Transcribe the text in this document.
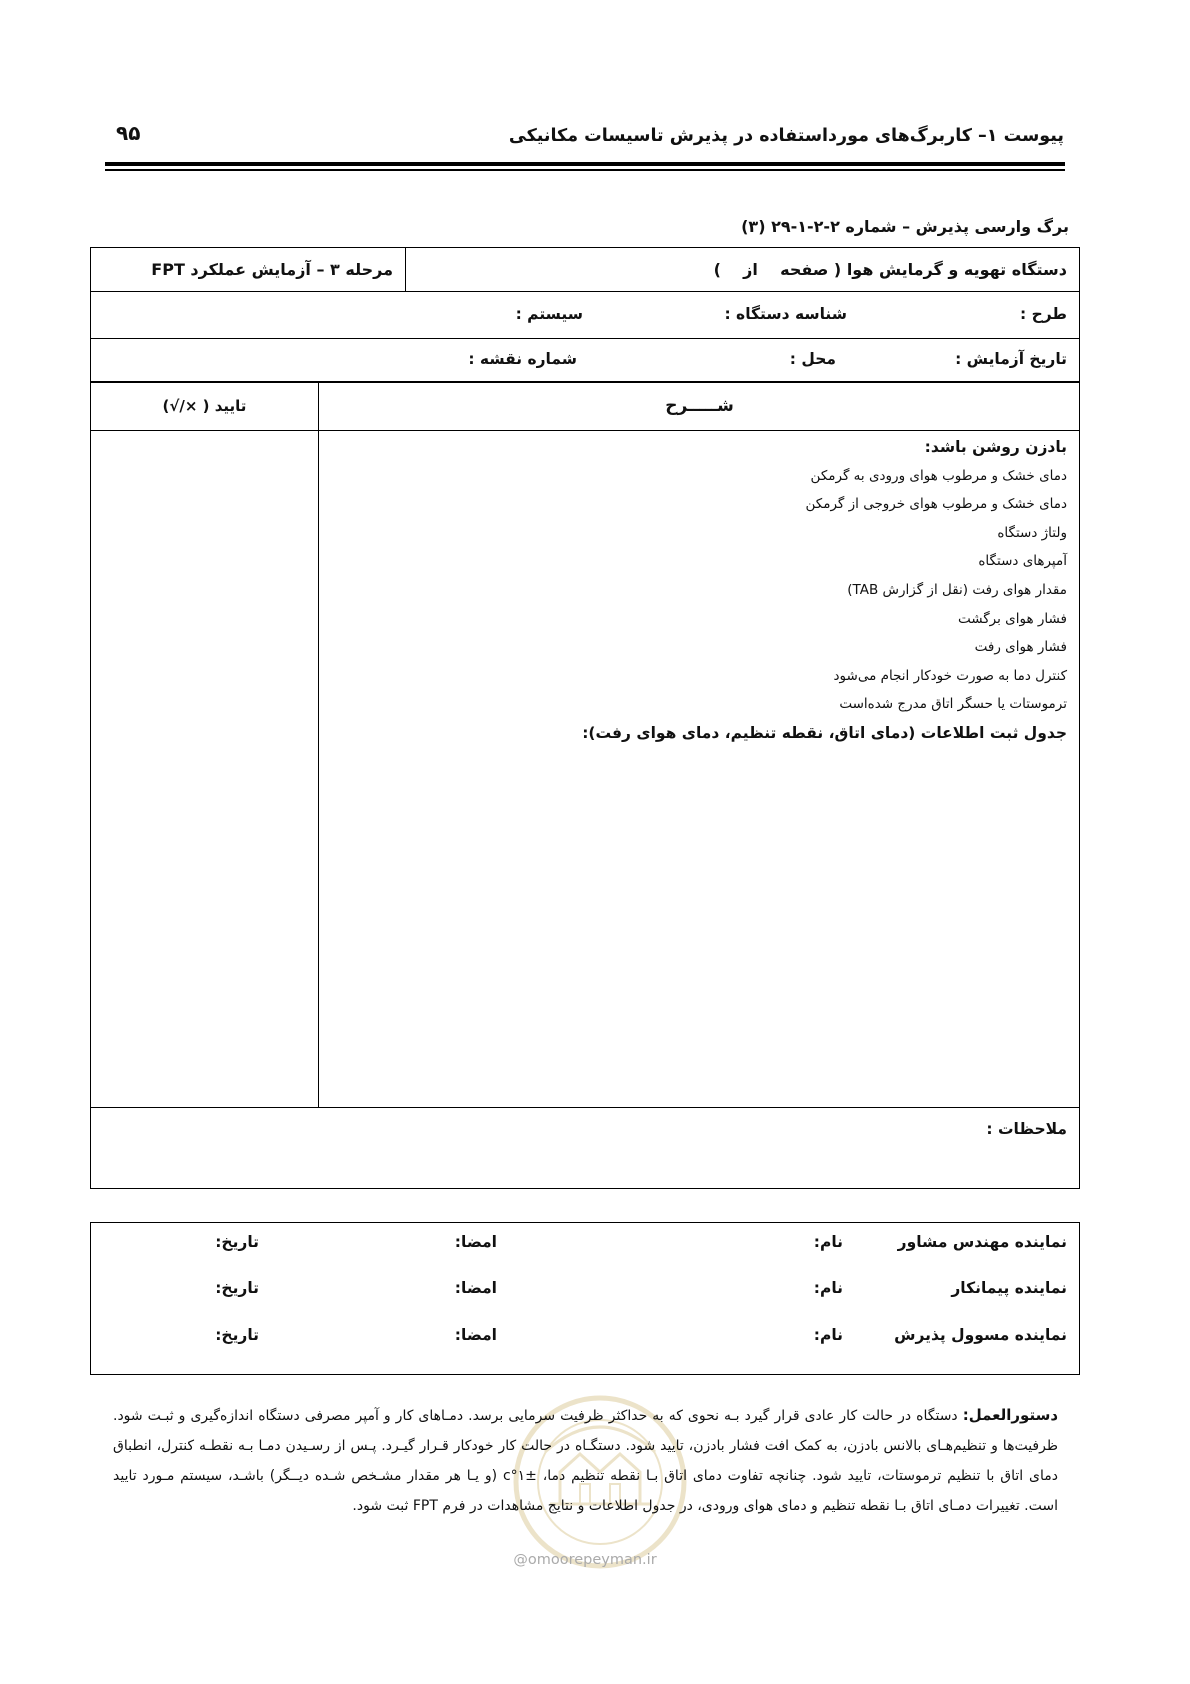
پیوست ۱– کاربرگ‌های مورداستفاده در پذیرش تاسیسات مکانیکی
۹۵
برگ وارسی پذیرش – شماره ۲-۲-۱-۲۹ (۳)
دستگاه تهویه و گرمایش هوا ( صفحه    از    )
مرحله ۳ – آزمایش عملکرد FPT
طرح :
شناسه دستگاه :
سیستم :
تاریخ آزمایش :
محل :
شماره نقشه :
شـــــرح
تایید ( ×/√)
بادزن روشن باشد:
دمای خشک و مرطوب هوای ورودی به گرمکن
دمای خشک و مرطوب هوای خروجی از گرمکن
ولتاژ دستگاه
آمپرهای دستگاه
مقدار هوای رفت (نقل از گزارش TAB)
فشار هوای برگشت
فشار هوای رفت
کنترل دما به صورت خودکار انجام می‌شود
ترموستات یا حسگر اتاق مدرج شده‌است
جدول ثبت اطلاعات (دمای اتاق، نقطه تنظیم، دمای هوای رفت):
ملاحظات :
نماینده مهندس مشاور
نام:
امضا:
تاریخ:
نماینده پیمانکار
نام:
امضا:
تاریخ:
نماینده مسوول پذیرش
نام:
امضا:
تاریخ:
دستورالعمل: دستگاه در حالت کار عادی قرار گیرد بـه نحوی که به حداکثر ظرفیت سرمایی برسد. دمـاهای کار و آمپر مصرفی دستگاه اندازه‌گیری و ثبـت شود. ظرفیت‌ها و تنظیم‌هـای بالانس بادزن، به کمک افت فشار بادزن، تایید شود. دستگـاه در حالت کار خودکار قـرار گیـرد. پـس از رسـیدن دمـا بـه نقطـه کنترل، انطباق دمای اتاق با تنظیم ترموستات، تایید شود. چنانچه تفاوت دمای اتاق بـا نقطه تنظیم دما، ±۱°c (و یـا هر مقدار مشـخص شـده دیــگر) باشـد، سیستم مـورد تایید است. تغییرات دمـای اتاق بـا نقطه تنظیم و دمای هوای ورودی، در جدول اطلاعات و نتایج مشاهدات در فرم FPT ثبت شود.
@omoorepeyman.ir
